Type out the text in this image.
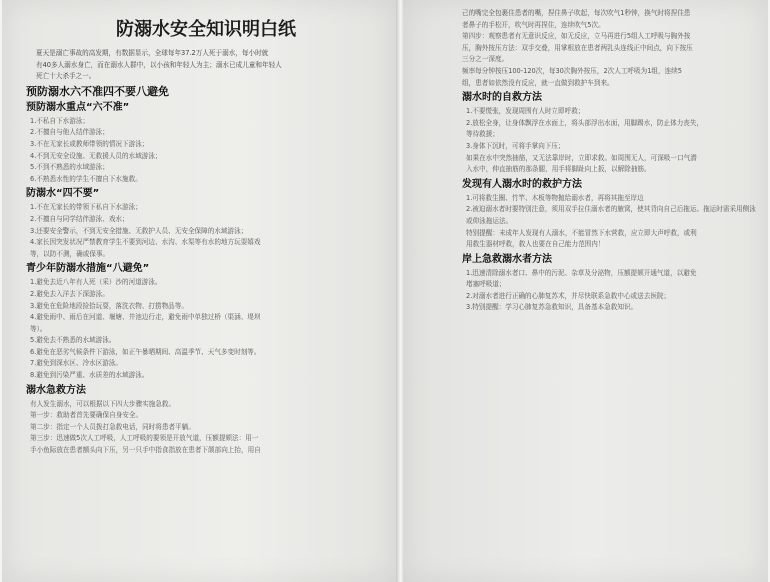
防溺水安全知识明白纸
夏天是溺亡事故的高发期，有数据显示，全球每年37.2万人死于溺水，每小时就
有40多人溺水身亡，而在溺水人群中，以小孩和年轻人为主；溺水已成儿童和年轻人
死亡十大杀手之一。
预防溺水六不准四不要八避免
预防溺水重点“六不准”
1.不私自下水游泳；
2.不擅自与他人结伴游泳；
3.不在无家长或教师带领的情况下游泳；
4.不到无安全设施、无救援人员的水域游泳；
5.不到不熟悉的水域游泳；
6.不熟悉水性的学生不擅自下水施救。
防溺水“四不要”
1.不在无家长的带领下私自下水游泳；
2.不擅自与同学结伴游泳、戏水；
3.还要安全警示，不到无安全措施、无救护人员、无安全保障的水域游泳；
4.家长因突发状况严禁教育学生不要到河边、水沟、水渠等有水的地方玩耍嬉戏
等，以防不测，确或保事。
青少年防溺水措施“八避免”
1.避免去近八年有人死（采）沙的河道游泳。
2.避免去入洋去下深游泳。
3.避免在危险地段捡拾玩耍，落洗衣物、打捞物品等。
4.避免雨中、雨后在河道、堰塘、井池边行走，避免雨中单独过桥（渠涵、堤坝
等）。
5.避免去不熟悉的水域游泳。
6.避免在恶劣气候条件下游泳，如正午暴晒期间、高温季节、天气多变时刻等。
7.避免到深水区、冷水区游泳。
8.避免到污染严重、水质差的水域游泳。
溺水急救方法
有人发生溺水，可以根据以下四大步骤实施急救。
第一步：救助者首先要确保自身安全。
第二步：指定一个人员拨打急救电话，同时将患者平躺。
第三步：迅速做5次人工呼吸，人工呼吸的要领是开放气道，压额提颏法：用一
手小鱼际放在患者额头向下压，另一只手中指食指放在患者下颌部向上抬，用自
己的嘴完全包裹住患者的嘴，捏住鼻子吹起，每次吹气1秒钟，换气时将捏住患
者鼻子的手松开，吹气时再捏住，连续吹气5次。
第四步：观察患者有无意识反应，如无反应，立马再进行5组人工呼吸与胸外按
压，胸外按压方法：双手交叠，用掌根放在患者两乳头连线正中间点，向下按压
三分之一深度。
频率每分钟按压100-120次，每30次胸外按压，2次人工呼吸为1组，连续5
组，患者如依然没有反应，就一直做到救护车到来。
溺水时的自救方法
1.不要慌张，发现周围有人时立即呼救；
2.放松全身，让身体飘浮在水面上，将头部浮出水面，用脚踢水，防止体力丧失，
等待救援；
3.身体下沉时，可将手掌向下压；
如果在水中突然抽筋，又无法靠岸时，立即求救。如周围无人，可深吸一口气潜
入水中，伸直抽筋的那条腿，用手将脚趾向上扳，以解除抽筋。
发现有人溺水时的救护方法
1.可将救生圈、竹竿、木板等物抛给溺水者，再将其拖至岸边
2.被迫溺水者时要特别注意，须用双手拉住溺水者的腋窝，使其背向自己后拖运。拖运时需采用侧泳
或仰泳拖运法。
特别提醒：未成年人发现有人溺水，不能冒然下水营救，应立即大声呼救，或利
用救生器材呼救，救人也要在自己能力范围内！
岸上急救溺水者方法
1.迅速清除溺水者口、鼻中的污泥、杂草及分泌物，压额提颏开通气道，以避免
堵塞呼吸道；
2.对溺水者进行正确的心肺复苏术，并尽快联系急救中心或送去医院；
3.特别提醒：学习心肺复苏急救知识，具备基本急救知识。
